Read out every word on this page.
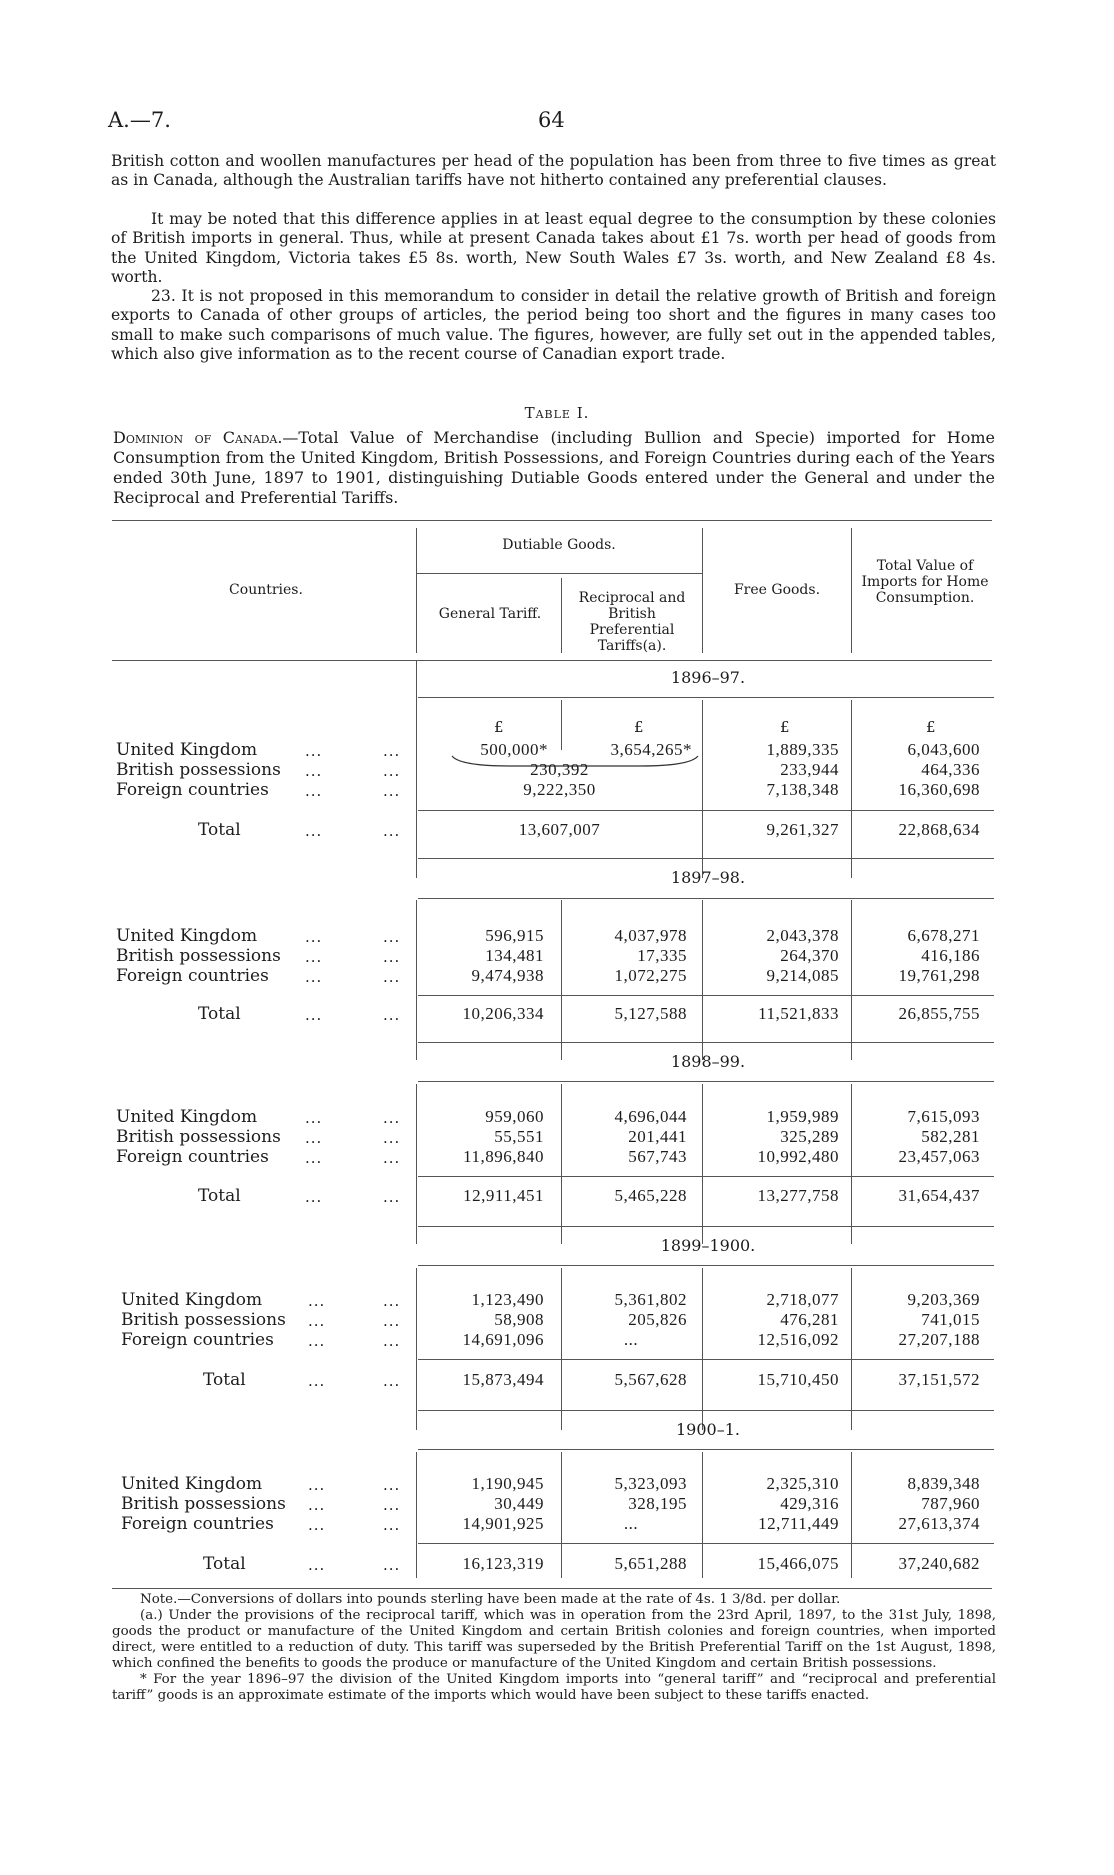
A.—7.	64
British cotton and woollen manufactures per head of the population has been from three to five times as great as in Canada, although the Australian tariffs have not hitherto contained any preferential clauses.
It may be noted that this difference applies in at least equal degree to the consumption by these colonies of British imports in general. Thus, while at present Canada takes about £1 7s. worth per head of goods from the United Kingdom, Victoria takes £5 8s. worth, New South Wales £7 3s. worth, and New Zealand £8 4s. worth.
23. It is not proposed in this memorandum to consider in detail the relative growth of British and foreign exports to Canada of other groups of articles, the period being too short and the figures in many cases too small to make such comparisons of much value. The figures, however, are fully set out in the appended tables, which also give information as to the recent course of Canadian export trade.
Table I.
Dominion of Canada.—Total Value of Merchandise (including Bullion and Specie) imported for Home Consumption from the United Kingdom, British Possessions, and Foreign Countries during each of the Years ended 30th June, 1897 to 1901, distinguishing Dutiable Goods entered under the General and under the Reciprocal and Preferential Tariffs.
Countries.
Dutiable Goods.
General Tariff.
Reciprocal and British Preferential Tariffs(a).
Free Goods.
Total Value of Imports for Home Consumption.
1896–97.
£	£	£	£
United Kingdom	...	...	500,000*	3,654,265*	1,889,335	6,043,600
British possessions ...	...	230,392	233,944	464,336
Foreign countries ...	...	9,222,350	7,138,348	16,360,698
Total	...	...	13,607,007	9,261,327	22,868,634
1897–98.
United Kingdom	...	...	596,915	4,037,978	2,043,378	6,678,271
British possessions ...	...	134,481	17,335	264,370	416,186
Foreign countries ...	...	9,474,938	1,072,275	9,214,085	19,761,298
Total	...	...	10,206,334	5,127,588	11,521,833	26,855,755
1898–99.
United Kingdom	...	...	959,060	4,696,044	1,959,989	7,615,093
British possessions ...	...	55,551	201,441	325,289	582,281
Foreign countries ...	...	11,896,840	567,743	10,992,480	23,457,063
Total	...	...	12,911,451	5,465,228	13,277,758	31,654,437
1899–1900.
United Kingdom	...	...	1,123,490	5,361,802	2,718,077	9,203,369
British possessions ...	...	58,908	205,826	476,281	741,015
Foreign countries ...	...	14,691,096	...	12,516,092	27,207,188
Total	...	...	15,873,494	5,567,628	15,710,450	37,151,572
1900–1.
United Kingdom	...	...	1,190,945	5,323,093	2,325,310	8,839,348
British possessions ...	...	30,449	328,195	429,316	787,960
Foreign countries ...	...	14,901,925	...	12,711,449	27,613,374
Total	...	...	16,123,319	5,651,288	15,466,075	37,240,682
Note.—Conversions of dollars into pounds sterling have been made at the rate of 4s. 1 3/8d. per dollar.
(a.) Under the provisions of the reciprocal tariff, which was in operation from the 23rd April, 1897, to the 31st July, 1898, goods the product or manufacture of the United Kingdom and certain British colonies and foreign countries, when imported direct, were entitled to a reduction of duty. This tariff was superseded by the British Preferential Tariff on the 1st August, 1898, which confined the benefits to goods the produce or manufacture of the United Kingdom and certain British possessions.
* For the year 1896–97 the division of the United Kingdom imports into “general tariff” and “reciprocal and preferential tariff” goods is an approximate estimate of the imports which would have been subject to these tariffs enacted.
